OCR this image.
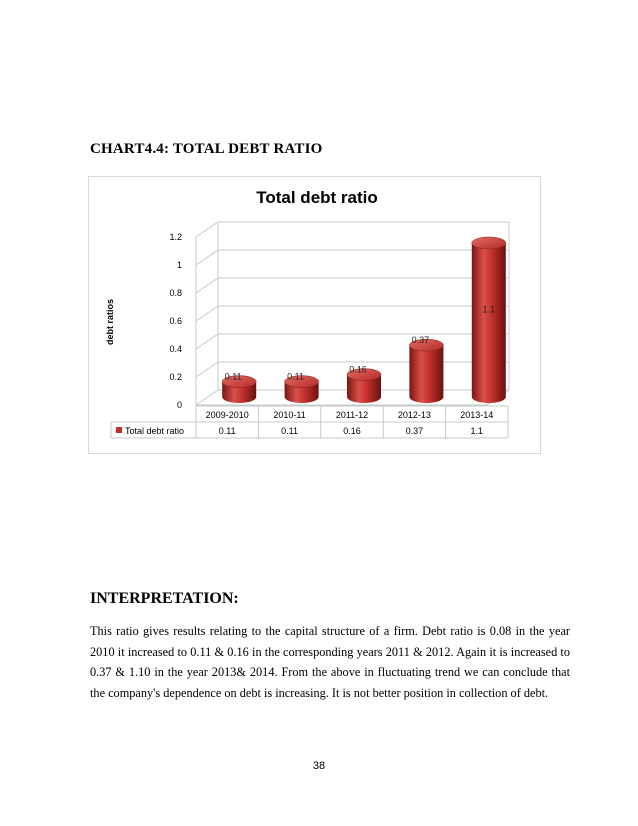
CHART4.4: TOTAL DEBT RATIO
Total debt ratio
debt ratios
0
0.2
0.4
0.6
0.8
1
1.2
0.11	0.11
0.16
0.37
1.1
2009-2010
0.11
2010-11
0.11
2011-12
0.16
2012-13
0.37
2013-14
1.1
Total debt ratio
INTERPRETATION:

This ratio gives results relating to the capital structure of a firm. Debt ratio is 0.08 in the year 2010 it increased to 0.11 & 0.16 in the corresponding years 2011 & 2012. Again it is increased to 0.37 & 1.10 in the year 2013& 2014. From the above in fluctuating trend we can conclude that the company's dependence on debt is increasing. It is not better position in collection of debt.

38
